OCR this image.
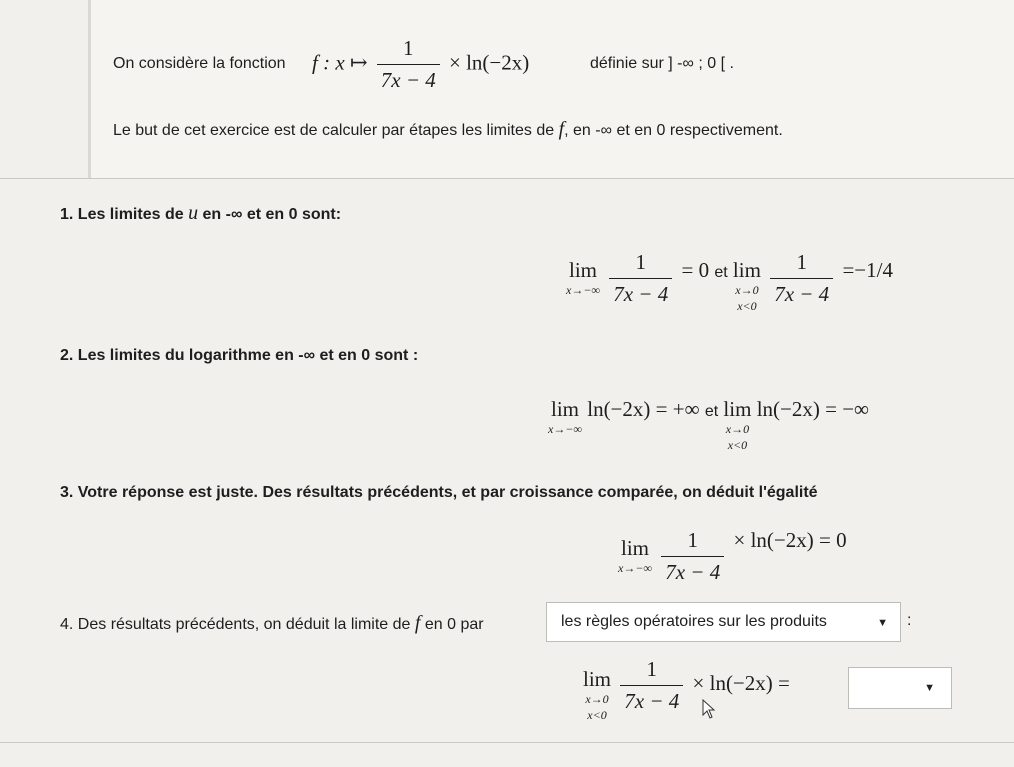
On considère la fonction f : x ↦ $\frac{1}{7x - 4} \times \ln(-2x)$	définie sur ] -∞ ; 0 [ .
Le but de cet exercice est de calculer par étapes les limites de f, en -∞ et en 0 respectivement.
1. Les limites de u en -∞ et en 0 sont:
lim
x→−∞
$\frac{1}{7x - 4} = 0$ et lim
x→0
x<0
$\frac{1}{7x - 4} =-1/4$
2. Les limites du logarithme en -∞ et en 0 sont :
lim
x→−∞
ln(−2x) = +∞ et lim
x→0
x<0
ln(−2x) = −∞
3. Votre réponse est juste. Des résultats précédents, et par croissance comparée, on déduit l'égalité
lim
x→−∞
$\frac{1}{7x - 4} \times \ln(-2x) = 0$
4. Des résultats précédents, on déduit la limite de f en 0 par	les règles opératoires sur les produits	▼ :
lim
x→0
x<0

$\frac{1}{7x - 4} \times \ln(-2x)$ =	▼
